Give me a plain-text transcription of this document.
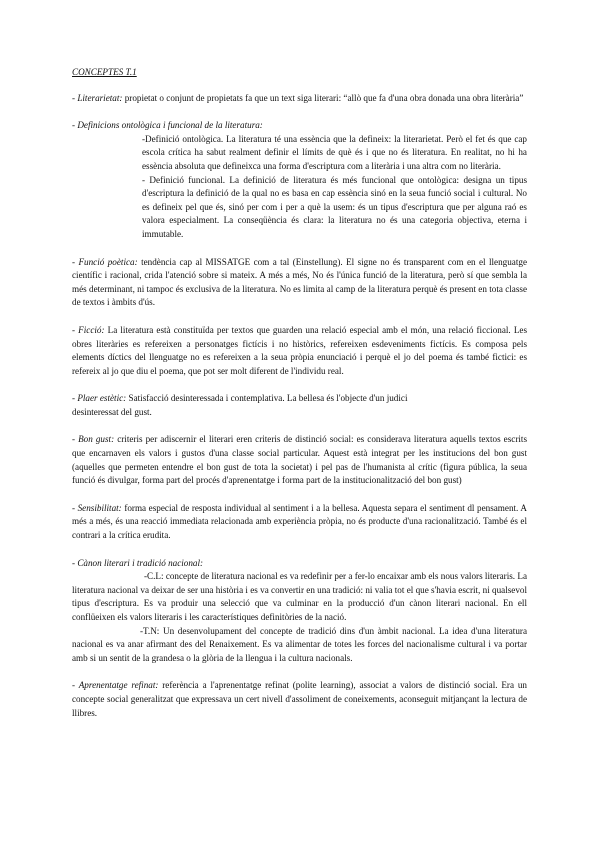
CONCEPTES T.1

- Literarietat: propietat o conjunt de propietats fa que un text siga literari: “allò que fa d'una obra donada una obra literària”

- Definicions ontològica i funcional de la literatura:

-Definició ontològica. La literatura té una essència que la defineix: la literarietat. Però el fet és que cap escola crítica ha sabut realment definir el límits de què és i que no és literatura. En realitat, no hi ha essència absoluta que defineixca una forma d'escriptura com a literària i una altra com no literària.

- Definició funcional. La definició de literatura és més funcional que ontològica: designa un tipus d'escriptura la definició de la qual no es basa en cap essència sinó en la seua funció social i cultural. No es defineix pel que és, sinó per com i per a què la usem: és un tipus d'escriptura que per alguna raó es valora especialment. La conseqüència és clara: la literatura no és una categoria objectiva, eterna i immutable.

- Funció poètica: tendència cap al MISSATGE com a tal (Einstellung). El signe no és transparent com en el llenguatge científic i racional, crida l'atenció sobre si mateix. A més a més, No és l'única funció de la literatura, però sí que sembla la més determinant, ni tampoc és exclusiva de la literatura. No es limita al camp de la literatura perquè és present en tota classe de textos i àmbits d'ús.

- Ficció: La literatura està constituïda per textos que guarden una relació especial amb el món, una relació ficcional. Les obres literàries es refereixen a personatges fictícis i no històrics, refereixen esdeveniments fictícis. Es composa pels elements díctics del llenguatge no es refereixen a la seua pròpia enunciació i perquè el jo del poema és també fictici: es refereix al jo que diu el poema, que pot ser molt diferent de l'individu real.

- Plaer estètic: Satisfacció desinteressada i contemplativa. La bellesa és l'objecte d'un judici

desinteressat del gust.

- Bon gust: criteris per adiscernir el literari eren criteris de distinció social: es considerava literatura aquells textos escrits que encarnaven els valors i gustos d'una classe social particular. Aquest està integrat per les institucions del bon gust (aquelles que permeten entendre el bon gust de tota la societat) i pel pas de l'humanista al crític (figura pública, la seua funció és divulgar, forma part del procés d'aprenentatge i forma part de la institucionalització del bon gust)

- Sensibilitat: forma especial de resposta individual al sentiment i a la bellesa. Aquesta separa el sentiment dl pensament. A més a més, és una reacció immediata relacionada amb experiència pròpia, no és producte d'una racionalització. També és el contrari a la crítica erudita.

- Cànon literari i tradició nacional:

-C.L: concepte de literatura nacional es va redefinir per a fer-lo encaixar amb els nous valors literaris. La literatura nacional va deixar de ser una història i es va convertir en una tradició: ni valia tot el que s'havia escrit, ni qualsevol tipus d'escriptura. Es va produir una selecció que va culminar en la producció d'un cànon literari nacional. En ell conflüeixen els valors literaris i les característiques definitòries de la nació.

-T.N: Un desenvolupament del concepte de tradició dins d'un àmbit nacional. La idea d'una literatura nacional es va anar afirmant des del Renaixement. Es va alimentar de totes les forces del nacionalisme cultural i va portar amb si un sentit de la grandesa o la glòria de la llengua i la cultura nacionals.

- Aprenentatge refinat: referència a l'aprenentatge refinat (polite learning), associat a valors de distinció social. Era un concepte social generalitzat que expressava un cert nivell d'assoliment de coneixements, aconseguit mitjançant la lectura de llibres.
